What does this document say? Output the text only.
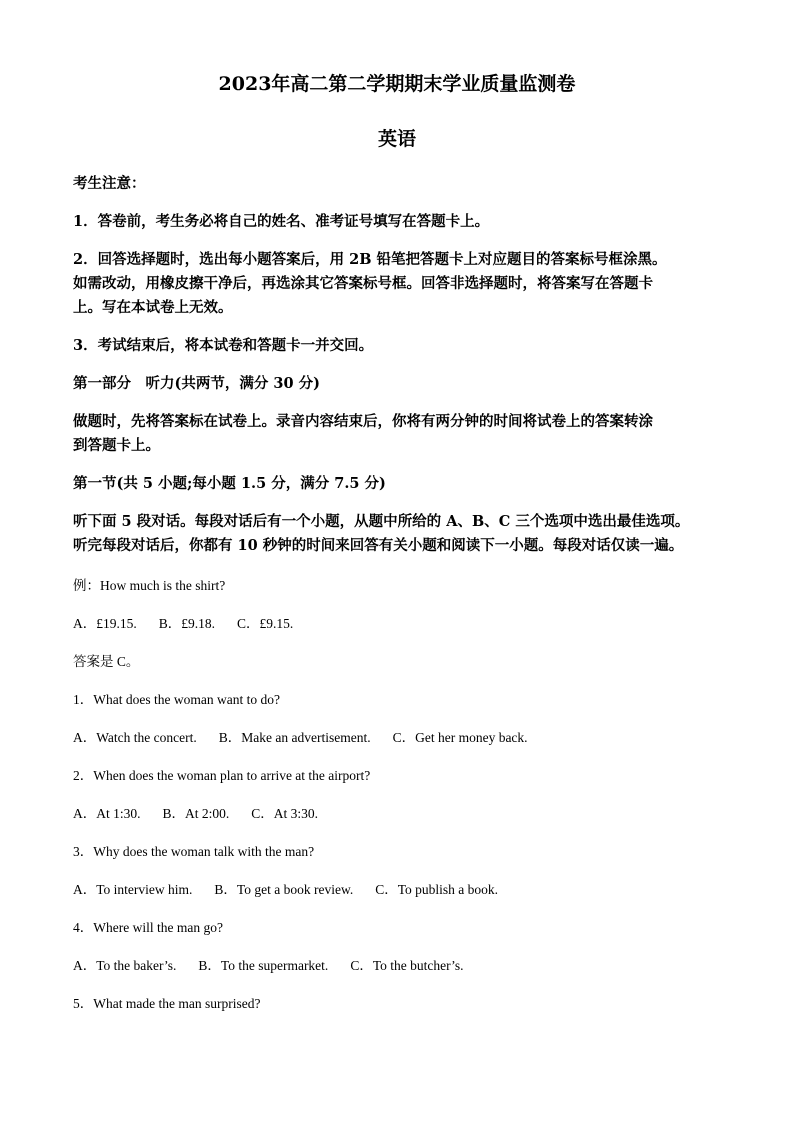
2023年高二第二学期期末学业质量监测卷
英语
考生注意：
1．答卷前，考生务必将自己的姓名、准考证号填写在答题卡上。
2．回答选择题时，选出每小题答案后，用 2B 铅笔把答题卡上对应题目的答案标号框涂黑。
如需改动，用橡皮擦干净后，再选涂其它答案标号框。回答非选择题时，将答案写在答题卡
上。写在本试卷上无效。
3．考试结束后，将本试卷和答题卡一并交回。
第一部分　听力(共两节，满分 30 分)
做题时，先将答案标在试卷上。录音内容结束后，你将有两分钟的时间将试卷上的答案转涂
到答题卡上。
第一节(共 5 小题;每小题 1.5 分，满分 7.5 分)
听下面 5 段对话。每段对话后有一个小题，从题中所给的 A、B、C 三个选项中选出最佳选项。
听完每段对话后，你都有 10 秒钟的时间来回答有关小题和阅读下一小题。每段对话仅读一遍。
例：How much is the shirt?
A．£19.15. B．£9.18. C．£9.15.
答案是 C。
1．What does the woman want to do?
A．Watch the concert. B．Make an advertisement. C．Get her money back.
2．When does the woman plan to arrive at the airport?
A．At 1:30. B．At 2:00. C．At 3:30.
3．Why does the woman talk with the man?
A．To interview him. B．To get a book review. C．To publish a book.
4．Where will the man go?
A．To the baker’s. B．To the supermarket. C．To the butcher’s.
5．What made the man surprised?
